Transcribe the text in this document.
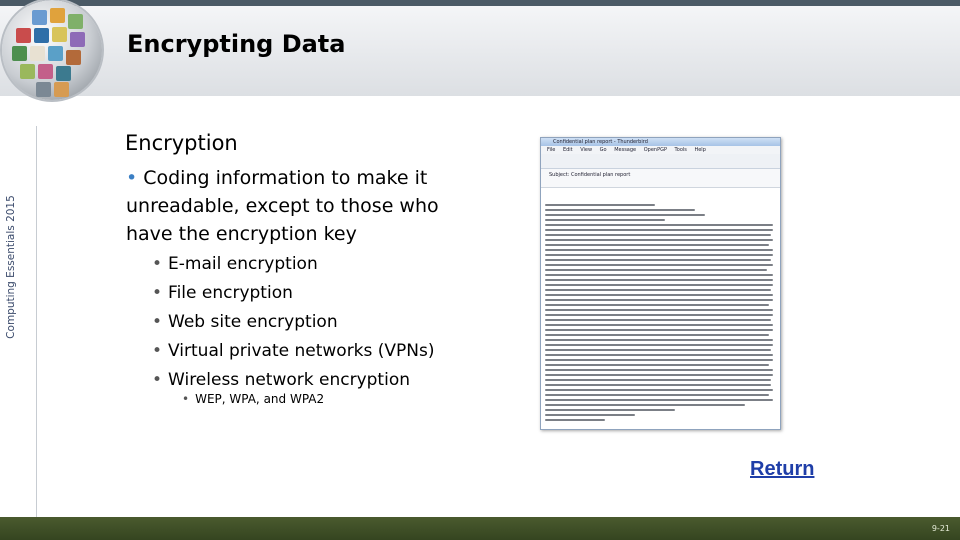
Encrypting Data
Computing Essentials 2015
Encryption
• Coding information to make it unreadable, except to those who have the encryption key
• E-mail encryption
• File encryption
• Web site encryption
• Virtual private networks (VPNs)
• Wireless network encryption
• WEP, WPA, and WPA2
Confidential plan report - Thunderbird
File Edit View Go Message OpenPGP Tools Help
Subject: Confidential plan report
Return
9-21
